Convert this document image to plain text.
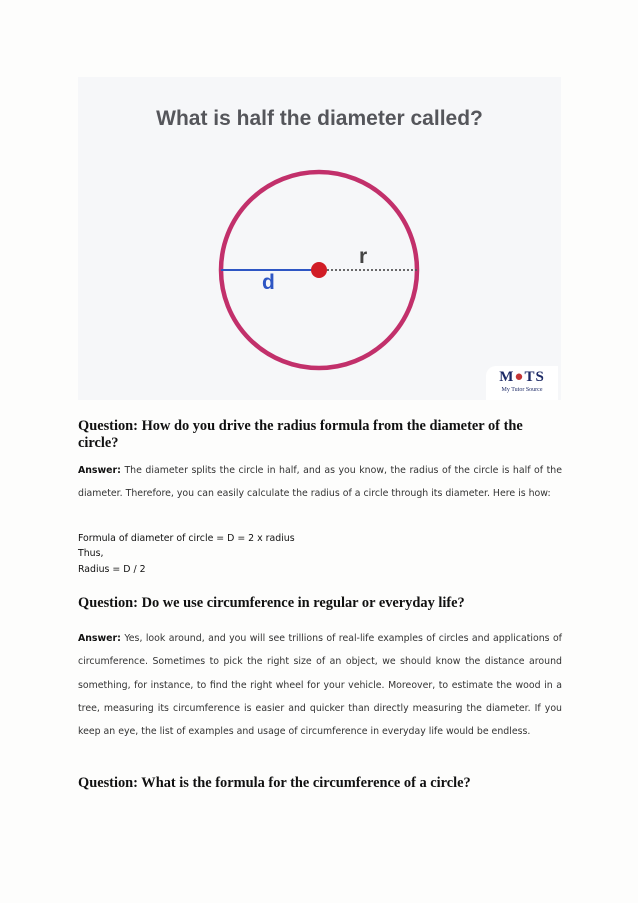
What is half the diameter called?
d
r
M●TS
My Tutor Source
Question: How do you drive the radius formula from the diameter of the circle?

Answer: The diameter splits the circle in half, and as you know, the radius of the circle is half of the diameter. Therefore, you can easily calculate the radius of a circle through its diameter. Here is how:

Formula of diameter of circle = D = 2 x radius
Thus,
Radius = D / 2
Question: Do we use circumference in regular or everyday life?

Answer: Yes, look around, and you will see trillions of real-life examples of circles and applications of circumference. Sometimes to pick the right size of an object, we should know the distance around something, for instance, to find the right wheel for your vehicle. Moreover, to estimate the wood in a tree, measuring its circumference is easier and quicker than directly measuring the diameter. If you keep an eye, the list of examples and usage of circumference in everyday life would be endless.

Question: What is the formula for the circumference of a circle?
